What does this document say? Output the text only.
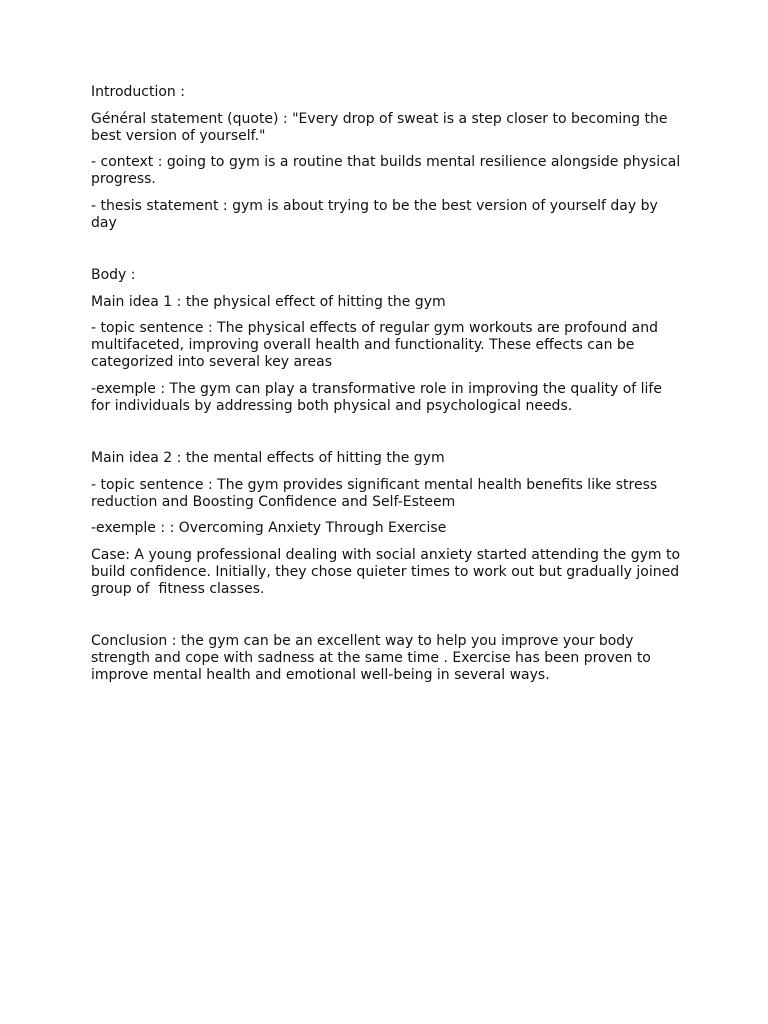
Introduction :

Général statement (quote) : "Every drop of sweat is a step closer to becoming the best version of yourself."

- context : going to gym is a routine that builds mental resilience alongside physical progress.

- thesis statement : gym is about trying to be the best version of yourself day by day

Body :

Main idea 1 : the physical effect of hitting the gym

- topic sentence : The physical effects of regular gym workouts are profound and multifaceted, improving overall health and functionality. These effects can be categorized into several key areas

-exemple : The gym can play a transformative role in improving the quality of life for individuals by addressing both physical and psychological needs.

Main idea 2 : the mental effects of hitting the gym

- topic sentence : The gym provides significant mental health benefits like stress reduction and Boosting Confidence and Self-Esteem

-exemple : : Overcoming Anxiety Through Exercise

Case: A young professional dealing with social anxiety started attending the gym to build confidence. Initially, they chose quieter times to work out but gradually joined group of  fitness classes.

Conclusion : the gym can be an excellent way to help you improve your body strength and cope with sadness at the same time . Exercise has been proven to improve mental health and emotional well-being in several ways.
